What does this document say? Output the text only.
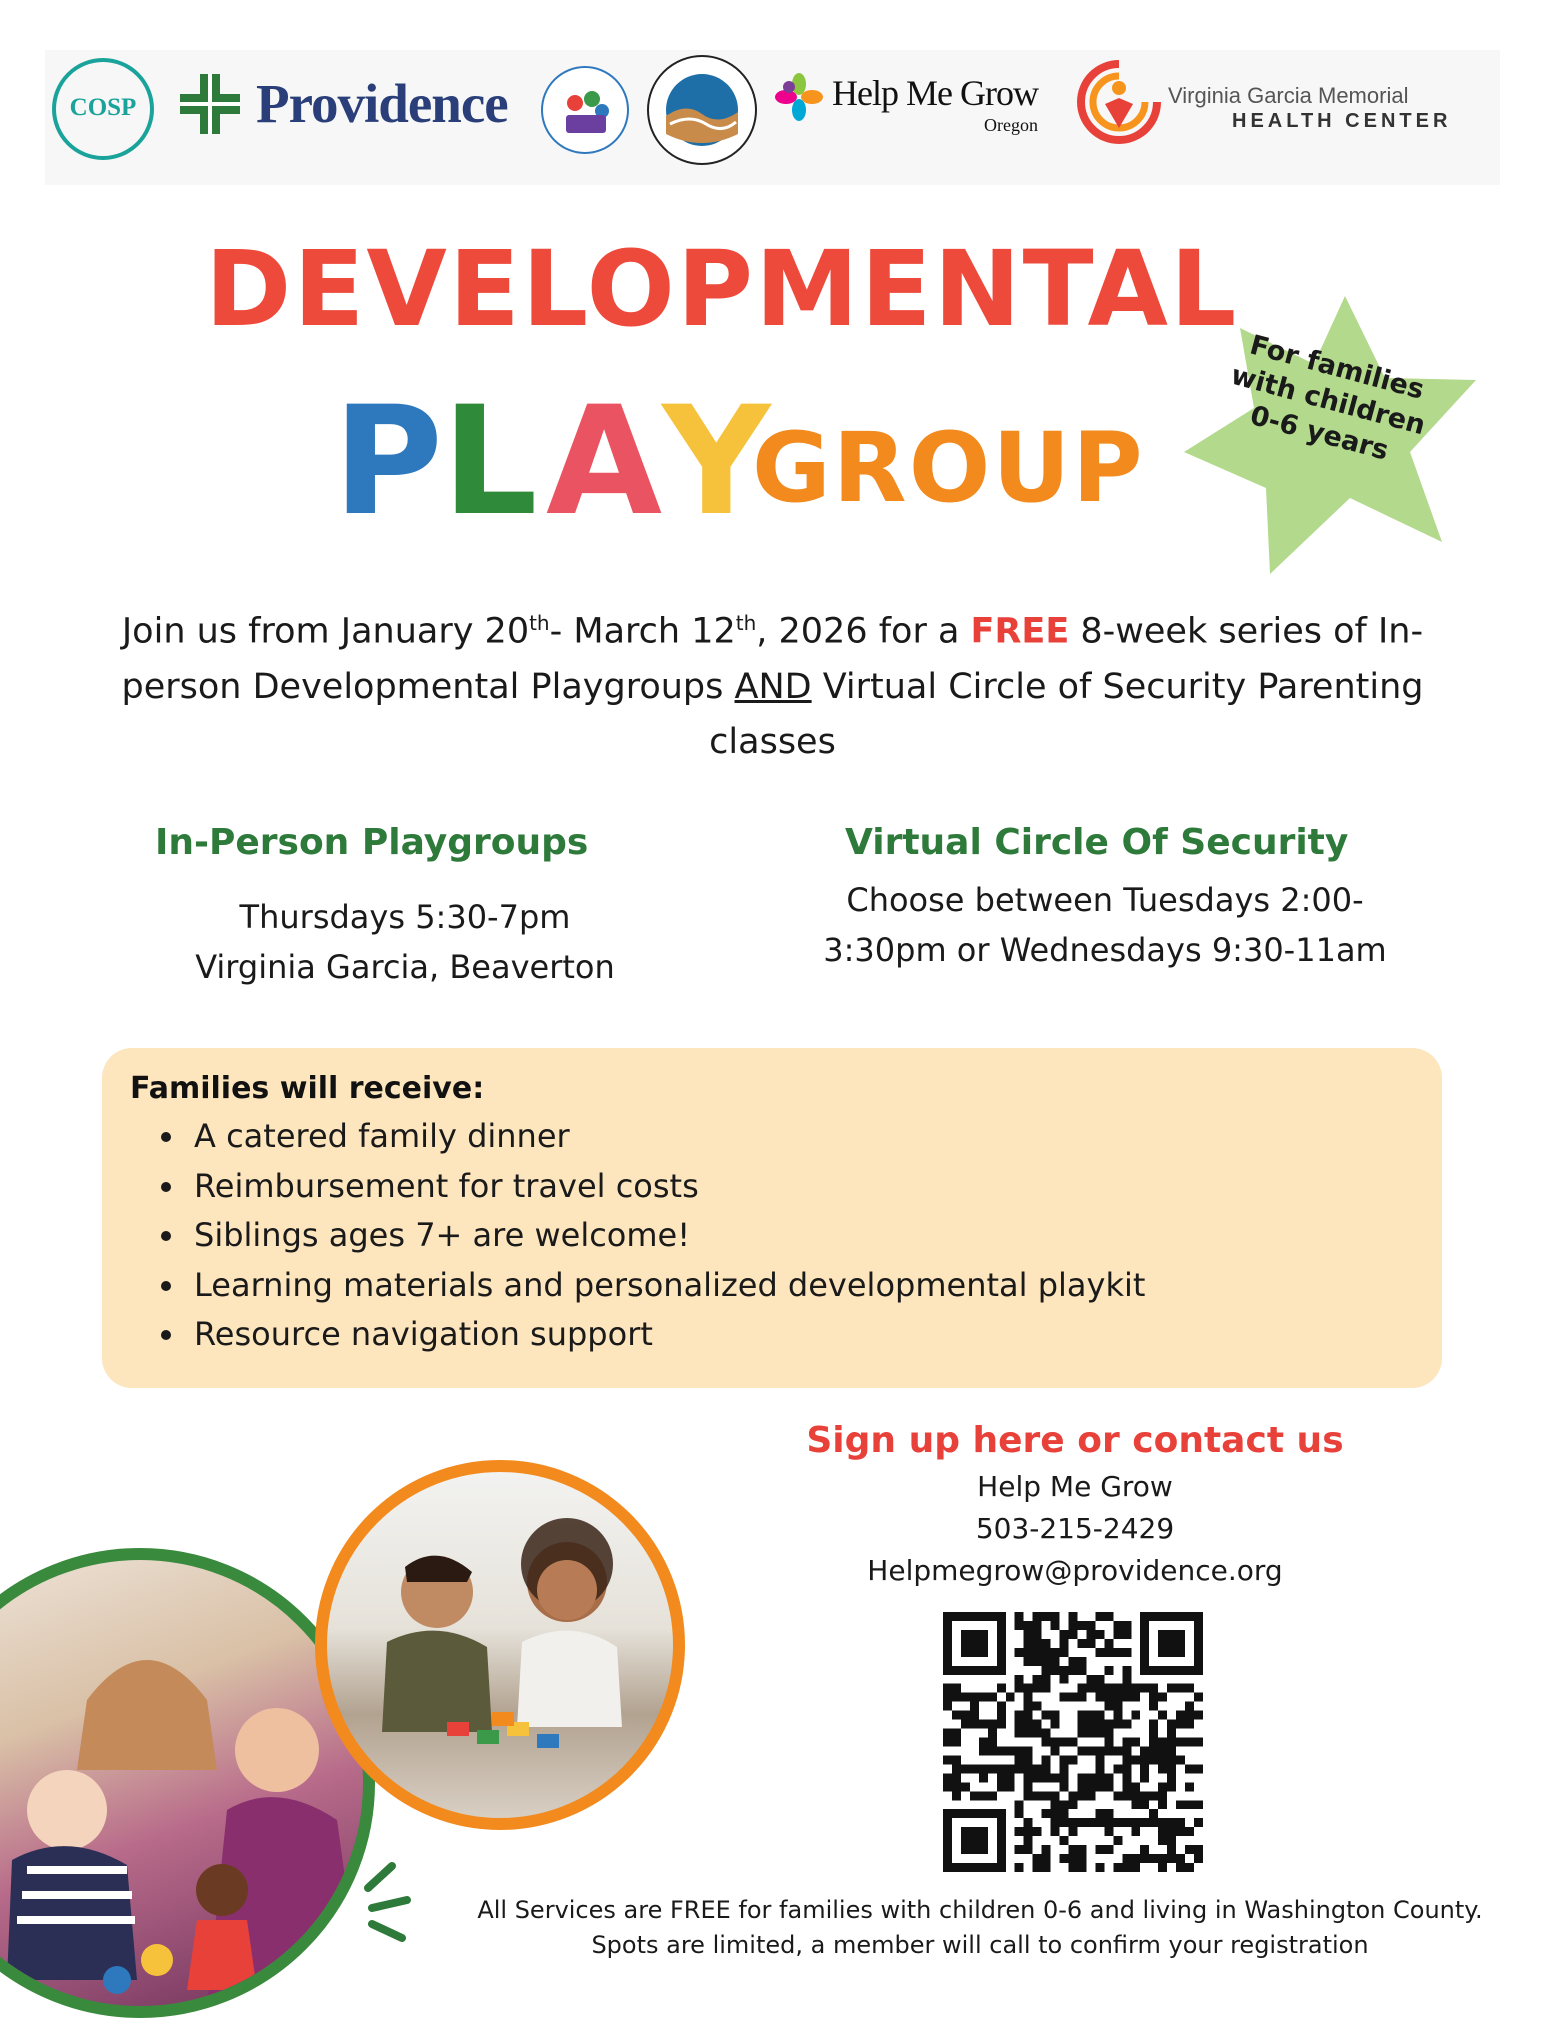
COSP	Providence	Help Me Grow
Oregon
Virginia Garcia Memorial
HEALTH CENTER
DEVELOPMENTAL
P L A Y
GROUP
For families with children 0-6 years
Join us from January 20th- March 12th, 2026 for a FREE 8-week series of In-person Developmental Playgroups AND Virtual Circle of Security Parenting classes
In-Person Playgroups
Thursdays 5:30-7pm
Virginia Garcia, Beaverton
Virtual Circle Of Security
Choose between Tuesdays 2:00-3:30pm or Wednesdays 9:30-11am
Families will receive:
• A catered family dinner
• Reimbursement for travel costs
• Siblings ages 7+ are welcome!
• Learning materials and personalized developmental playkit
• Resource navigation support
Sign up here or contact us
Help Me Grow
503-215-2429
Helpmegrow@providence.org
All Services are FREE for families with children 0-6 and living in Washington County.
Spots are limited, a member will call to confirm your registration
